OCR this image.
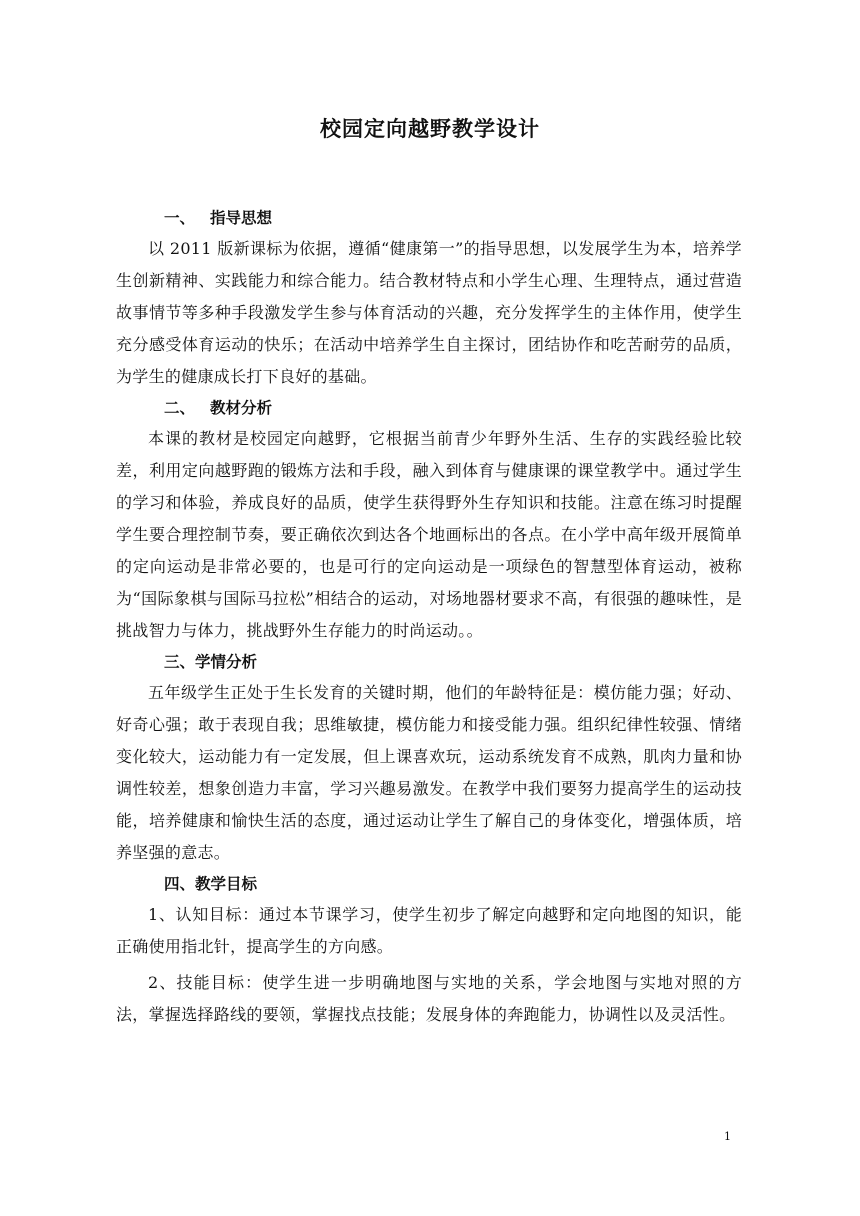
校园定向越野教学设计
一、 指导思想

以 2011 版新课标为依据，遵循“健康第一”的指导思想，以发展学生为本，培养学生创新精神、实践能力和综合能力。结合教材特点和小学生心理、生理特点，通过营造故事情节等多种手段激发学生参与体育活动的兴趣，充分发挥学生的主体作用，使学生充分感受体育运动的快乐；在活动中培养学生自主探讨，团结协作和吃苦耐劳的品质，为学生的健康成长打下良好的基础。

二、 教材分析

本课的教材是校园定向越野，它根据当前青少年野外生活、生存的实践经验比较差，利用定向越野跑的锻炼方法和手段，融入到体育与健康课的课堂教学中。通过学生的学习和体验，养成良好的品质，使学生获得野外生存知识和技能。注意在练习时提醒学生要合理控制节奏，要正确依次到达各个地画标出的各点。在小学中高年级开展简单的定向运动是非常必要的，也是可行的定向运动是一项绿色的智慧型体育运动，被称为“国际象棋与国际马拉松”相结合的运动，对场地器材要求不高，有很强的趣味性，是挑战智力与体力，挑战野外生存能力的时尚运动。。

三、学情分析

五年级学生正处于生长发育的关键时期，他们的年龄特征是：模仿能力强；好动、好奇心强；敢于表现自我；思维敏捷，模仿能力和接受能力强。组织纪律性较强、情绪变化较大，运动能力有一定发展，但上课喜欢玩，运动系统发育不成熟，肌肉力量和协调性较差，想象创造力丰富，学习兴趣易激发。在教学中我们要努力提高学生的运动技能，培养健康和愉快生活的态度，通过运动让学生了解自己的身体变化，增强体质，培养坚强的意志。

四、教学目标

1、认知目标：通过本节课学习，使学生初步了解定向越野和定向地图的知识，能正确使用指北针，提高学生的方向感。

2、技能目标：使学生进一步明确地图与实地的关系，学会地图与实地对照的方法，掌握选择路线的要领，掌握找点技能；发展身体的奔跑能力，协调性以及灵活性。

1
